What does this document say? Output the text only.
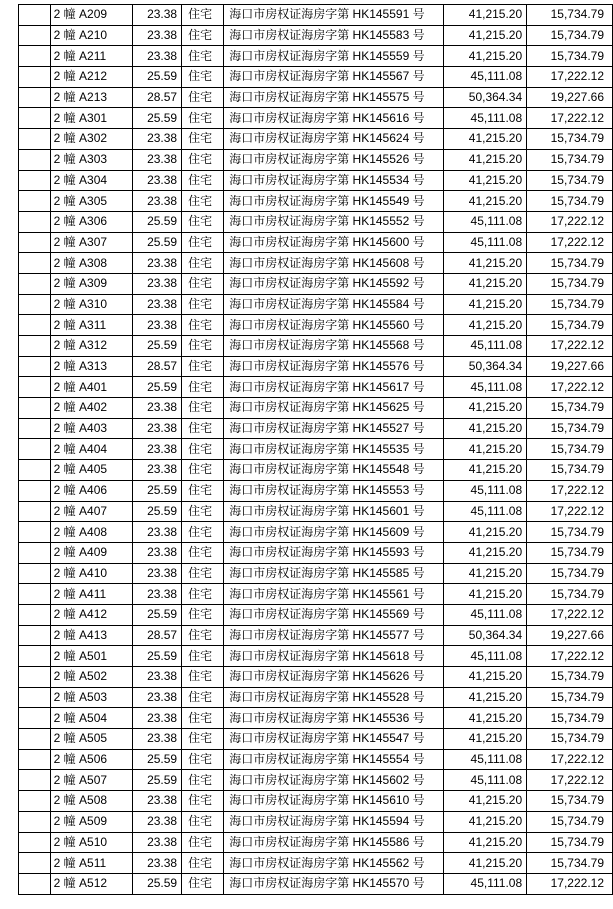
	2 幢 A209	23.38	住宅	海口市房权证海房字第 HK145591 号	41,215.20	15,734.79
	2 幢 A210	23.38	住宅	海口市房权证海房字第 HK145583 号	41,215.20	15,734.79
	2 幢 A211	23.38	住宅	海口市房权证海房字第 HK145559 号	41,215.20	15,734.79
	2 幢 A212	25.59	住宅	海口市房权证海房字第 HK145567 号	45,111.08	17,222.12
	2 幢 A213	28.57	住宅	海口市房权证海房字第 HK145575 号	50,364.34	19,227.66
	2 幢 A301	25.59	住宅	海口市房权证海房字第 HK145616 号	45,111.08	17,222.12
	2 幢 A302	23.38	住宅	海口市房权证海房字第 HK145624 号	41,215.20	15,734.79
	2 幢 A303	23.38	住宅	海口市房权证海房字第 HK145526 号	41,215.20	15,734.79
	2 幢 A304	23.38	住宅	海口市房权证海房字第 HK145534 号	41,215.20	15,734.79
	2 幢 A305	23.38	住宅	海口市房权证海房字第 HK145549 号	41,215.20	15,734.79
	2 幢 A306	25.59	住宅	海口市房权证海房字第 HK145552 号	45,111.08	17,222.12
	2 幢 A307	25.59	住宅	海口市房权证海房字第 HK145600 号	45,111.08	17,222.12
	2 幢 A308	23.38	住宅	海口市房权证海房字第 HK145608 号	41,215.20	15,734.79
	2 幢 A309	23.38	住宅	海口市房权证海房字第 HK145592 号	41,215.20	15,734.79
	2 幢 A310	23.38	住宅	海口市房权证海房字第 HK145584 号	41,215.20	15,734.79
	2 幢 A311	23.38	住宅	海口市房权证海房字第 HK145560 号	41,215.20	15,734.79
	2 幢 A312	25.59	住宅	海口市房权证海房字第 HK145568 号	45,111.08	17,222.12
	2 幢 A313	28.57	住宅	海口市房权证海房字第 HK145576 号	50,364.34	19,227.66
	2 幢 A401	25.59	住宅	海口市房权证海房字第 HK145617 号	45,111.08	17,222.12
	2 幢 A402	23.38	住宅	海口市房权证海房字第 HK145625 号	41,215.20	15,734.79
	2 幢 A403	23.38	住宅	海口市房权证海房字第 HK145527 号	41,215.20	15,734.79
	2 幢 A404	23.38	住宅	海口市房权证海房字第 HK145535 号	41,215.20	15,734.79
	2 幢 A405	23.38	住宅	海口市房权证海房字第 HK145548 号	41,215.20	15,734.79
	2 幢 A406	25.59	住宅	海口市房权证海房字第 HK145553 号	45,111.08	17,222.12
	2 幢 A407	25.59	住宅	海口市房权证海房字第 HK145601 号	45,111.08	17,222.12
	2 幢 A408	23.38	住宅	海口市房权证海房字第 HK145609 号	41,215.20	15,734.79
	2 幢 A409	23.38	住宅	海口市房权证海房字第 HK145593 号	41,215.20	15,734.79
	2 幢 A410	23.38	住宅	海口市房权证海房字第 HK145585 号	41,215.20	15,734.79
	2 幢 A411	23.38	住宅	海口市房权证海房字第 HK145561 号	41,215.20	15,734.79
	2 幢 A412	25.59	住宅	海口市房权证海房字第 HK145569 号	45,111.08	17,222.12
	2 幢 A413	28.57	住宅	海口市房权证海房字第 HK145577 号	50,364.34	19,227.66
	2 幢 A501	25.59	住宅	海口市房权证海房字第 HK145618 号	45,111.08	17,222.12
	2 幢 A502	23.38	住宅	海口市房权证海房字第 HK145626 号	41,215.20	15,734.79
	2 幢 A503	23.38	住宅	海口市房权证海房字第 HK145528 号	41,215.20	15,734.79
	2 幢 A504	23.38	住宅	海口市房权证海房字第 HK145536 号	41,215.20	15,734.79
	2 幢 A505	23.38	住宅	海口市房权证海房字第 HK145547 号	41,215.20	15,734.79
	2 幢 A506	25.59	住宅	海口市房权证海房字第 HK145554 号	45,111.08	17,222.12
	2 幢 A507	25.59	住宅	海口市房权证海房字第 HK145602 号	45,111.08	17,222.12
	2 幢 A508	23.38	住宅	海口市房权证海房字第 HK145610 号	41,215.20	15,734.79
	2 幢 A509	23.38	住宅	海口市房权证海房字第 HK145594 号	41,215.20	15,734.79
	2 幢 A510	23.38	住宅	海口市房权证海房字第 HK145586 号	41,215.20	15,734.79
	2 幢 A511	23.38	住宅	海口市房权证海房字第 HK145562 号	41,215.20	15,734.79
	2 幢 A512	25.59	住宅	海口市房权证海房字第 HK145570 号	45,111.08	17,222.12
